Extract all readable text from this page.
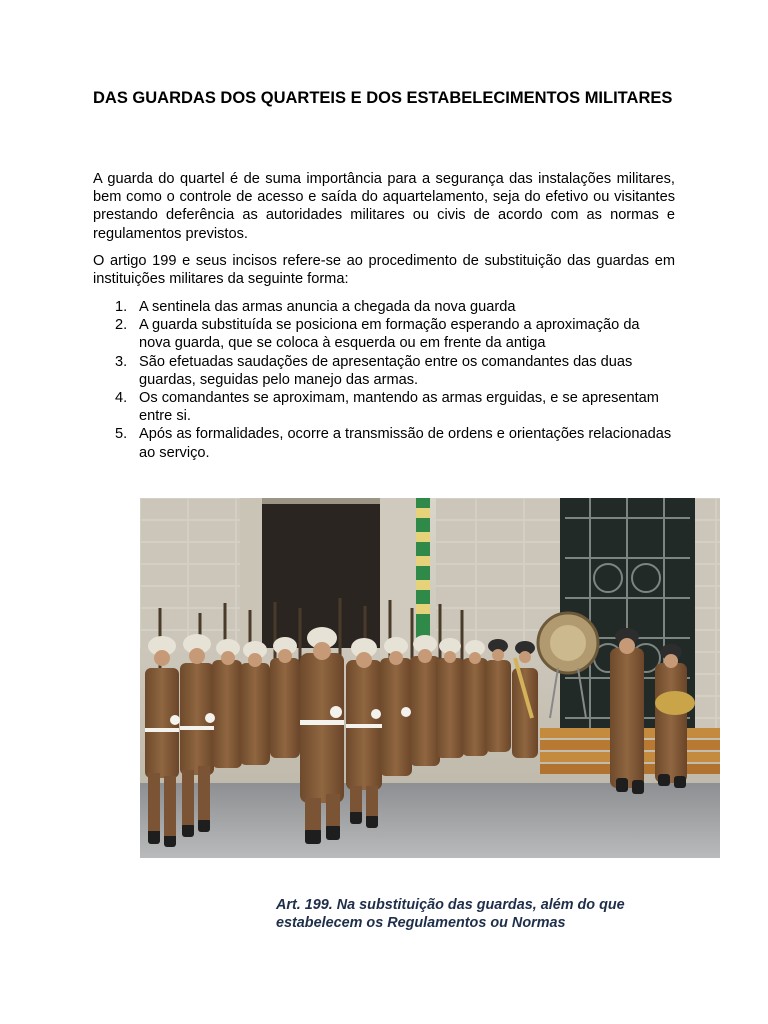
DAS GUARDAS DOS QUARTEIS E DOS ESTABELECIMENTOS MILITARES
A guarda do quartel é de suma importância para a segurança das instalações militares, bem como o controle de acesso e saída do aquartelamento, seja do efetivo ou visitantes prestando deferência as autoridades militares ou civis de acordo com as normas e regulamentos previstos.
O artigo 199 e seus incisos refere-se ao procedimento de substituição das guardas em instituições militares da seguinte forma:
1. A sentinela das armas anuncia a chegada da nova guarda
2. A guarda substituída se posiciona em formação esperando a aproximação da nova guarda, que se coloca à esquerda ou em frente da antiga
3. São efetuadas saudações de apresentação entre os comandantes das duas guardas, seguidas pelo manejo das armas.
4. Os comandantes se aproximam, mantendo as armas erguidas, e se apresentam entre si.
5. Após as formalidades, ocorre a transmissão de ordens e orientações relacionadas ao serviço.
Art. 199. Na substituição das guardas, além do que estabelecem os Regulamentos ou Normas
